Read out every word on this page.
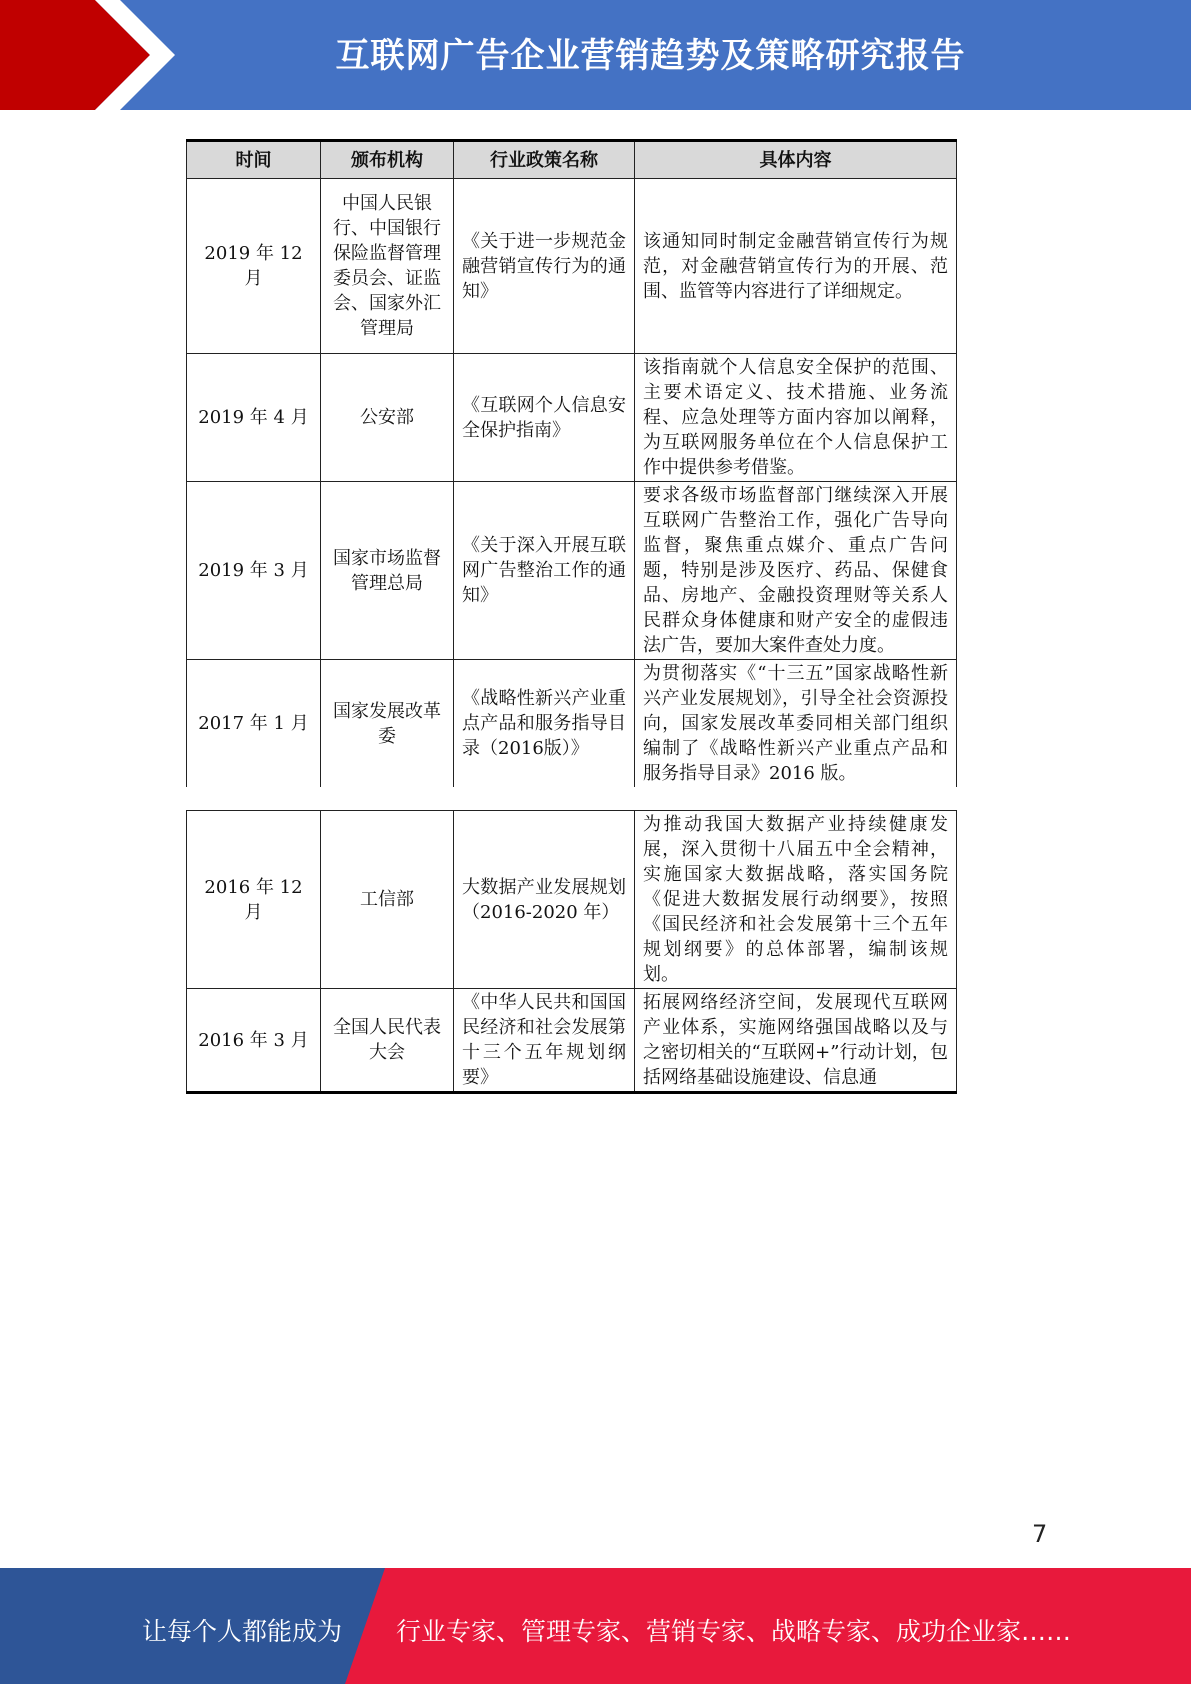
互联网广告企业营销趋势及策略研究报告
时间	颁布机构	行业政策名称	具体内容
2019 年 12 月	中国人民银行、中国银行保险监督管理委员会、证监会、国家外汇管理局	《关于进一步规范金融营销宣传行为的通知》	该通知同时制定金融营销宣传行为规范，对金融营销宣传行为的开展、范围、监管等内容进行了详细规定。
2019 年 4 月	公安部	《互联网个人信息安全保护指南》	该指南就个人信息安全保护的范围、主要术语定义、技术措施、业务流程、应急处理等方面内容加以阐释，为互联网服务单位在个人信息保护工作中提供参考借鉴。
2019 年 3 月	国家市场监督管理总局	《关于深入开展互联网广告整治工作的通知》	要求各级市场监督部门继续深入开展互联网广告整治工作，强化广告导向监督，聚焦重点媒介、重点广告问题，特别是涉及医疗、药品、保健食品、房地产、金融投资理财等关系人民群众身体健康和财产安全的虚假违法广告，要加大案件查处力度。
2017 年 1 月	国家发展改革委	《战略性新兴产业重点产品和服务指导目录（2016版）》	为贯彻落实《“十三五”国家战略性新兴产业发展规划》，引导全社会资源投向，国家发展改革委同相关部门组织编制了《战略性新兴产业重点产品和服务指导目录》2016 版。
2016 年 12 月	工信部	大数据产业发展规划（2016-2020 年）	为推动我国大数据产业持续健康发展，深入贯彻十八届五中全会精神，实施国家大数据战略，落实国务院《促进大数据发展行动纲要》，按照《国民经济和社会发展第十三个五年规划纲要》的总体部署，编制该规划。
2016 年 3 月	全国人民代表大会	《中华人民共和国国民经济和社会发展第十三个五年规划纲要》	拓展网络经济空间，发展现代互联网产业体系，实施网络强国战略以及与之密切相关的“互联网+”行动计划，包括网络基础设施建设、信息通
7
让每个人都能成为 行业专家、管理专家、营销专家、战略专家、成功企业家……
